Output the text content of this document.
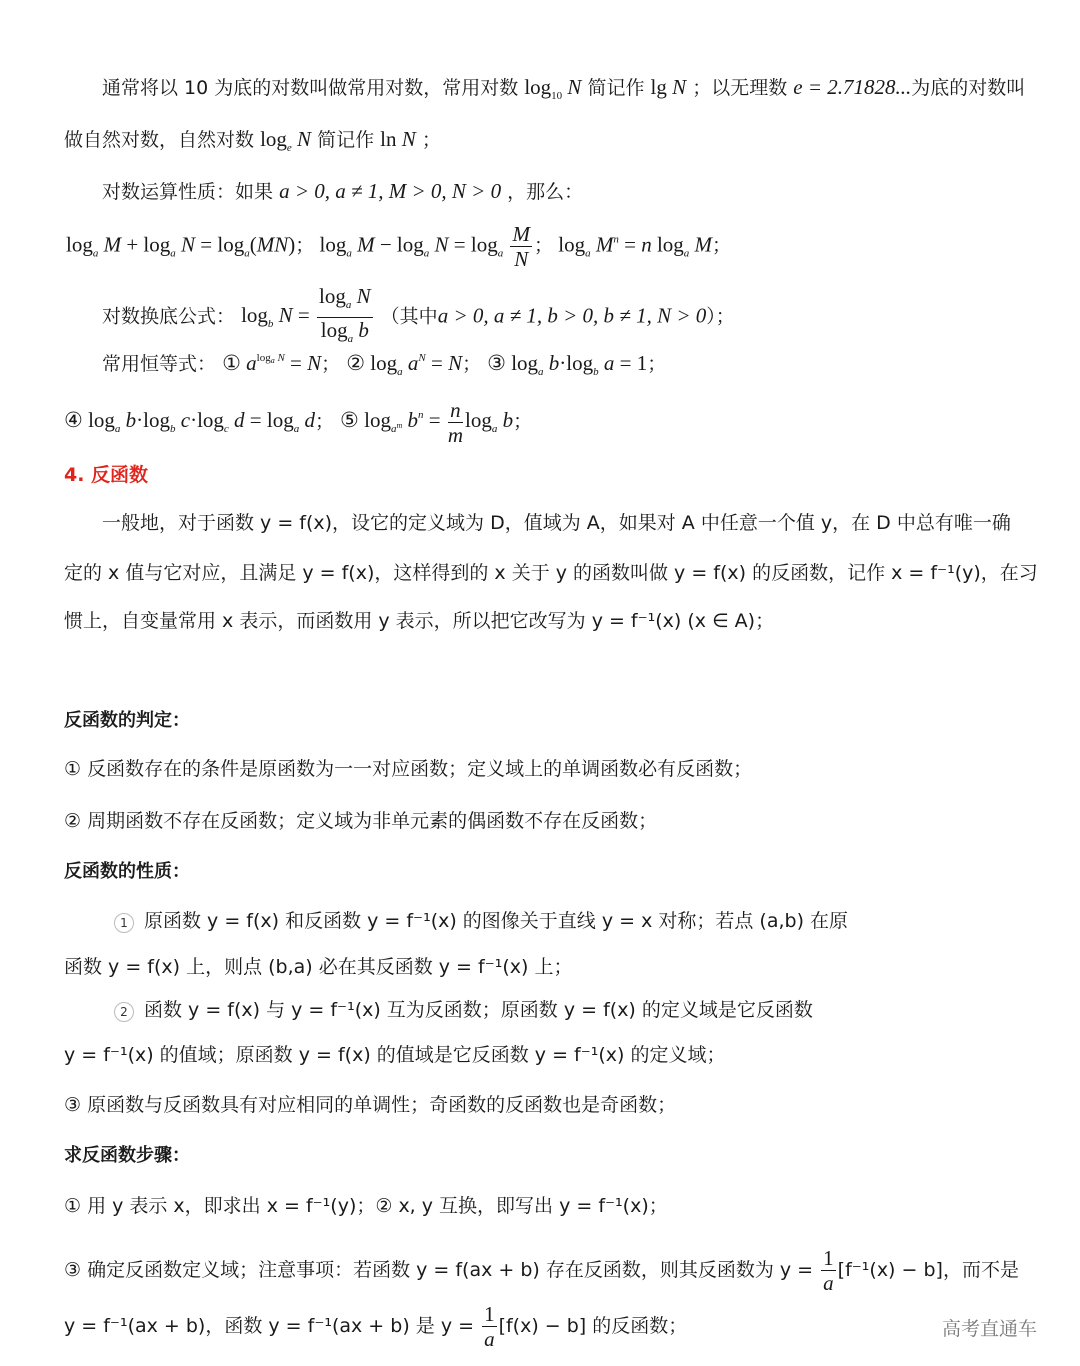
通常将以 10 为底的对数叫做常用对数，常用对数 $\log_{10} N$ 简记作 lg N ；以无理数 e = 2.71828...为底的对数叫
做自然对数，自然对数 $\log_e N$ 简记作 ln N ；
对数运算性质：如果 a > 0, a ≠ 1, M > 0, N > 0 ，那么：
$\log_a M + \log_a N = \log_a(MN)$； $\log_a M - \log_a N = \log_a \frac{M}{N}$ ； $\log_a M^n = n$ $\log_a M$；
对数换底公式： $\log_b N = \frac{\log_a N}{\log_a b}$ （其中a > 0, a ≠ 1, b > 0, b ≠ 1, N > 0）；
常用恒等式： ① $a^{log_a N} = N$； ② $\log_a a^N = N$； ③ $\log_a b\cdot\log_b$ a = 1；
④ $\log_a b\cdot\log_b$ $c\cdot\log_c$ $d = \log_a d$； ⑤ $\log_{a^m} b^n = \frac{n}{m} \log_a b$；
4. 反函数
一般地，对于函数 y = f(x)，设它的定义域为 D，值域为 A，如果对 A 中任意一个值 y，在 D 中总有唯一确
定的 x 值与它对应，且满足 y = f(x)，这样得到的 x 关于 y 的函数叫做 y = f(x) 的反函数，记作 x = f⁻¹(y)，在习
惯上，自变量常用 x 表示，而函数用 y 表示，所以把它改写为 y = f⁻¹(x) (x ∈ A)；
反函数的判定：
① 反函数存在的条件是原函数为一一对应函数；定义域上的单调函数必有反函数；
② 周期函数不存在反函数；定义域为非单元素的偶函数不存在反函数；
反函数的性质：
1 原函数 y = f(x) 和反函数 y = f⁻¹(x) 的图像关于直线 y = x 对称；若点 (a,b) 在原
函数 y = f(x) 上，则点 (b,a) 必在其反函数 y = f⁻¹(x) 上；
2 函数 y = f(x) 与 y = f⁻¹(x) 互为反函数；原函数 y = f(x) 的定义域是它反函数
y = f⁻¹(x) 的值域；原函数 y = f(x) 的值域是它反函数 y = f⁻¹(x) 的定义域；
③ 原函数与反函数具有对应相同的单调性；奇函数的反函数也是奇函数；
求反函数步骤：
① 用 y 表示 x，即求出 x = f⁻¹(y)；② x, y 互换，即写出 y = f⁻¹(x)；
③ 确定反函数定义域；注意事项：若函数 y = f(ax + b) 存在反函数，则其反函数为 $y = \frac{1}{a} [f^{-1}(x) - b]$，而不是
y = f⁻¹(ax + b)，函数 y = f⁻¹(ax + b) 是 $y = \frac{1}{a} [f(x) - b]$ 的反函数；	高考直通车
